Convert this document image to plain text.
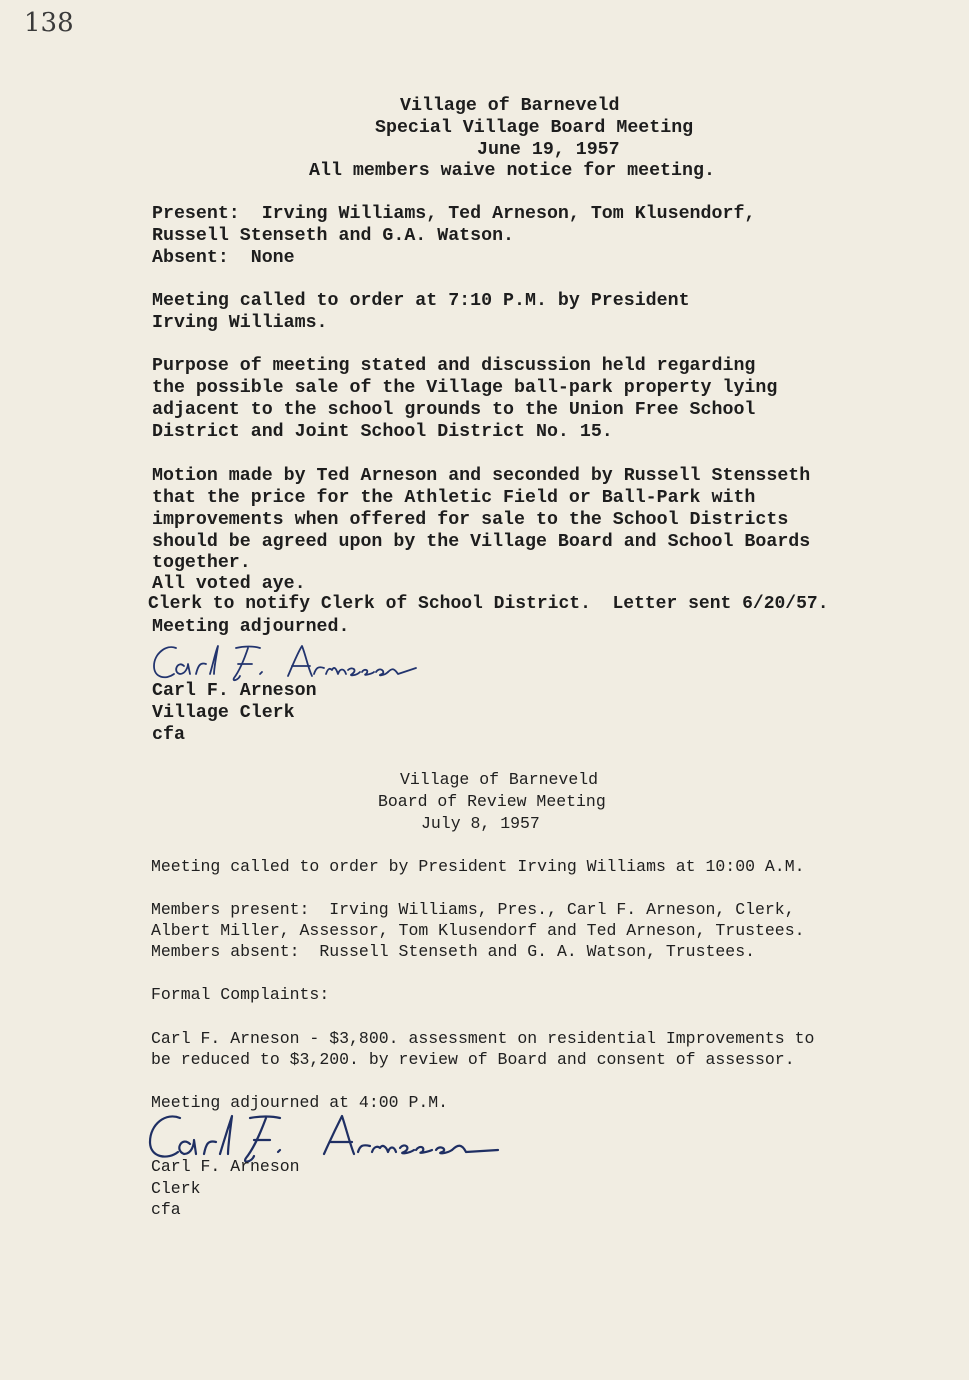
138
Village of Barneveld
Special Village Board Meeting
June 19, 1957
All members waive notice for meeting.
Present:  Irving Williams, Ted Arneson, Tom Klusendorf,
Russell Stenseth and G.A. Watson.
Absent:  None
Meeting called to order at 7:10 P.M. by President
Irving Williams.
Purpose of meeting stated and discussion held regarding
the possible sale of the Village ball-park property lying
adjacent to the school grounds to the Union Free School
District and Joint School District No. 15.
Motion made by Ted Arneson and seconded by Russell Stensseth
that the price for the Athletic Field or Ball-Park with
improvements when offered for sale to the School Districts
should be agreed upon by the Village Board and School Boards
together.
All voted aye.
Clerk to notify Clerk of School District.  Letter sent 6/20/57.
Meeting adjourned.
Carl F. Arneson
Village Clerk
cfa
Village of Barneveld
Board of Review Meeting
July 8, 1957
Meeting called to order by President Irving Williams at 10:00 A.M.
Members present:  Irving Williams, Pres., Carl F. Arneson, Clerk,
Albert Miller, Assessor, Tom Klusendorf and Ted Arneson, Trustees.
Members absent:  Russell Stenseth and G. A. Watson, Trustees.
Formal Complaints:
Carl F. Arneson - $3,800. assessment on residential Improvements to
be reduced to $3,200. by review of Board and consent of assessor.
Meeting adjourned at 4:00 P.M.
Carl F. Arneson
Clerk
cfa
